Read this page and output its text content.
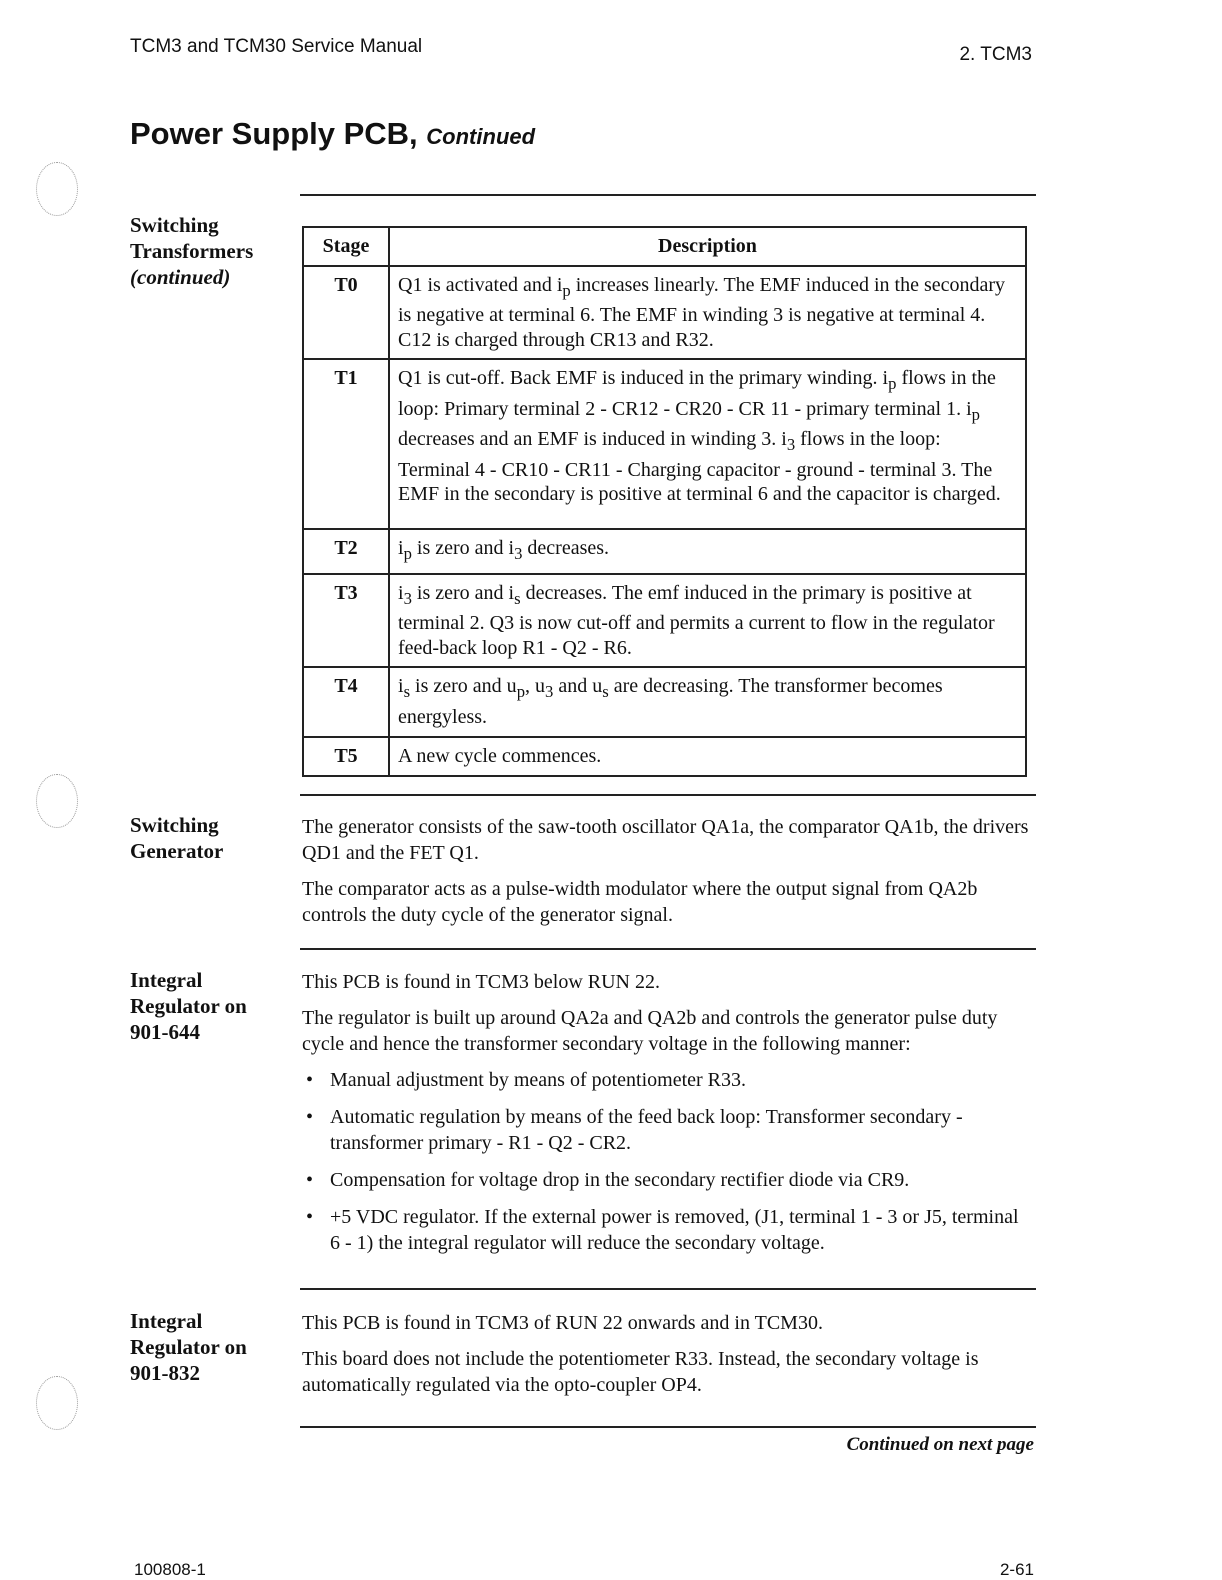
TCM3 and TCM30 Service Manual	2. TCM3
Power Supply PCB, Continued
Switching
Transformers
(continued)
Stage	Description
T0	Q1 is activated and $i_p$ increases linearly. The EMF induced in the secondary is negative at terminal 6. The EMF in winding 3 is negative at terminal 4. C12 is charged through CR13 and R32.
T1	Q1 is cut-off. Back EMF is induced in the primary winding. $i_p$ flows in the loop: Primary terminal 2 - CR12 - CR20 - CR 11 - primary terminal 1. $i_p$ decreases and an EMF is induced in winding 3. $i_3$ flows in the loop: Terminal 4 - CR10 - CR11 - Charging capacitor - ground - terminal 3. The EMF in the secondary is positive at terminal 6 and the capacitor is charged.
T2	$i_p$ is zero and $i_3$ decreases.
T3	$i_3$ is zero and $i_s$ decreases. The emf induced in the primary is positive at terminal 2. Q3 is now cut-off and permits a current to flow in the regulator feed-back loop R1 - Q2 - R6.
T4	$i_s$ is zero and $u_p$, $u_3$ and $u_s$ are decreasing. The transformer becomes energyless.
T5	A new cycle commences.
Switching
Generator

The generator consists of the saw-tooth oscillator QA1a, the comparator QA1b, the drivers QD1 and the FET Q1.

The comparator acts as a pulse-width modulator where the output signal from QA2b controls the duty cycle of the generator signal.

Integral
Regulator on
901-644

This PCB is found in TCM3 below RUN 22.

The regulator is built up around QA2a and QA2b and controls the generator pulse duty cycle and hence the transformer secondary voltage in the following manner:

• Manual adjustment by means of potentiometer R33.
• Automatic regulation by means of the feed back loop: Transformer secondary - transformer primary - R1 - Q2 - CR2.
• Compensation for voltage drop in the secondary rectifier diode via CR9.
• +5 VDC regulator. If the external power is removed, (J1, terminal 1 - 3 or J5, terminal 6 - 1) the integral regulator will reduce the secondary voltage.
Integral
Regulator on
901-832

This PCB is found in TCM3 of RUN 22 onwards and in TCM30.

This board does not include the potentiometer R33. Instead, the secondary voltage is automatically regulated via the opto-coupler OP4.

Continued on next page
100808-1	2-61
